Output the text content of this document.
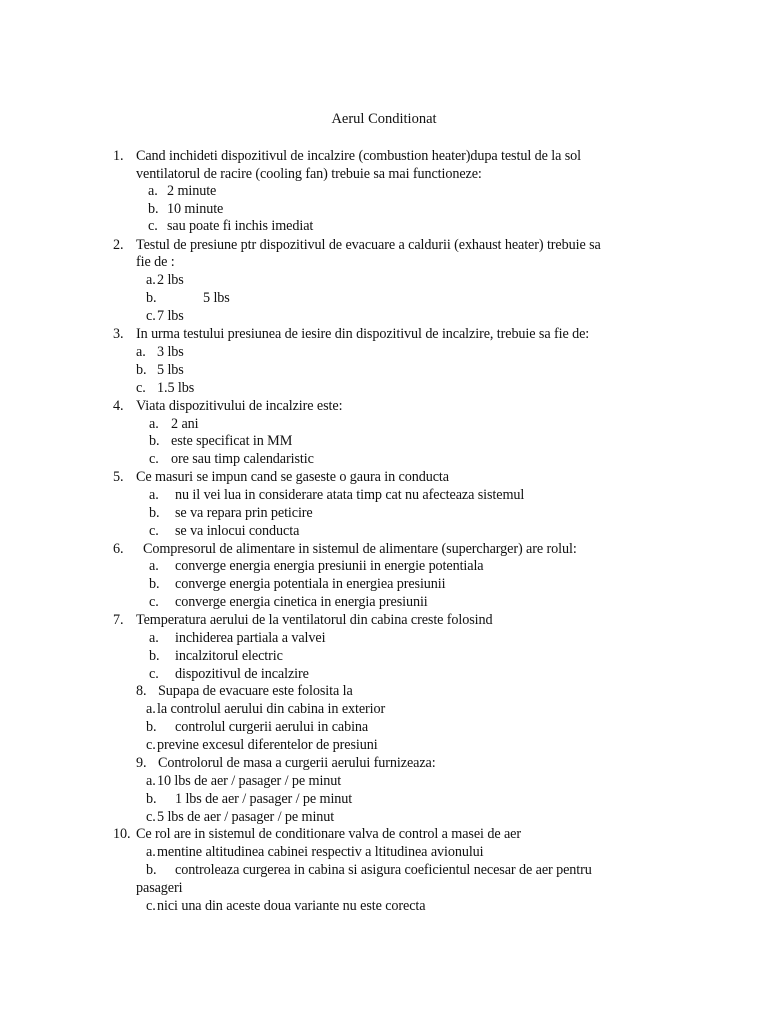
Aerul Conditionat
1. Cand inchideti dispozitivul de incalzire (combustion heater)dupa testul de la sol
ventilatorul de racire (cooling fan) trebuie sa mai functioneze:
a. 2 minute
b. 10 minute
c. sau poate fi inchis imediat
2. Testul de presiune ptr dispozitivul de evacuare a caldurii (exhaust heater) trebuie sa
fie de :
a. 2 lbs
b.	5 lbs
c. 7 lbs
3. In urma testului presiunea de iesire din dispozitivul de incalzire, trebuie sa fie de:
a. 3 lbs
b. 5 lbs
c. 1.5 lbs
4. Viata dispozitivului de incalzire este:
a. 2 ani
b. este specificat in MM
c. ore sau timp calendaristic
5. Ce masuri se impun cand se gaseste o gaura in conducta
a. nu il vei lua in considerare atata timp cat nu afecteaza sistemul
b. se va repara prin peticire
c. se va inlocui conducta
6. Compresorul de alimentare in sistemul de alimentare (supercharger) are rolul:
a. converge energia energia presiunii in energie potentiala
b. converge energia potentiala in energiea presiunii
c. converge energia cinetica in energia presiunii
7. Temperatura aerului de la ventilatorul din cabina creste folosind
a. inchiderea partiala a valvei
b. incalzitorul electric
c. dispozitivul de incalzire
8. Supapa de evacuare este folosita la
a. la controlul aerului din cabina in exterior
b. controlul curgerii aerului in cabina
c. previne excesul diferentelor de presiuni
9. Controlorul de masa a curgerii aerului furnizeaza:
a. 10 lbs de aer / pasager / pe minut
b. 1 lbs de aer / pasager / pe minut
c. 5 lbs de aer / pasager / pe minut
10. Ce rol are in sistemul de conditionare valva de control a masei de aer
a. mentine altitudinea cabinei respectiv a ltitudinea avionului
b. controleaza curgerea in cabina si asigura coeficientul necesar de aer pentru
pasageri
c. nici una din aceste doua variante nu este corecta
